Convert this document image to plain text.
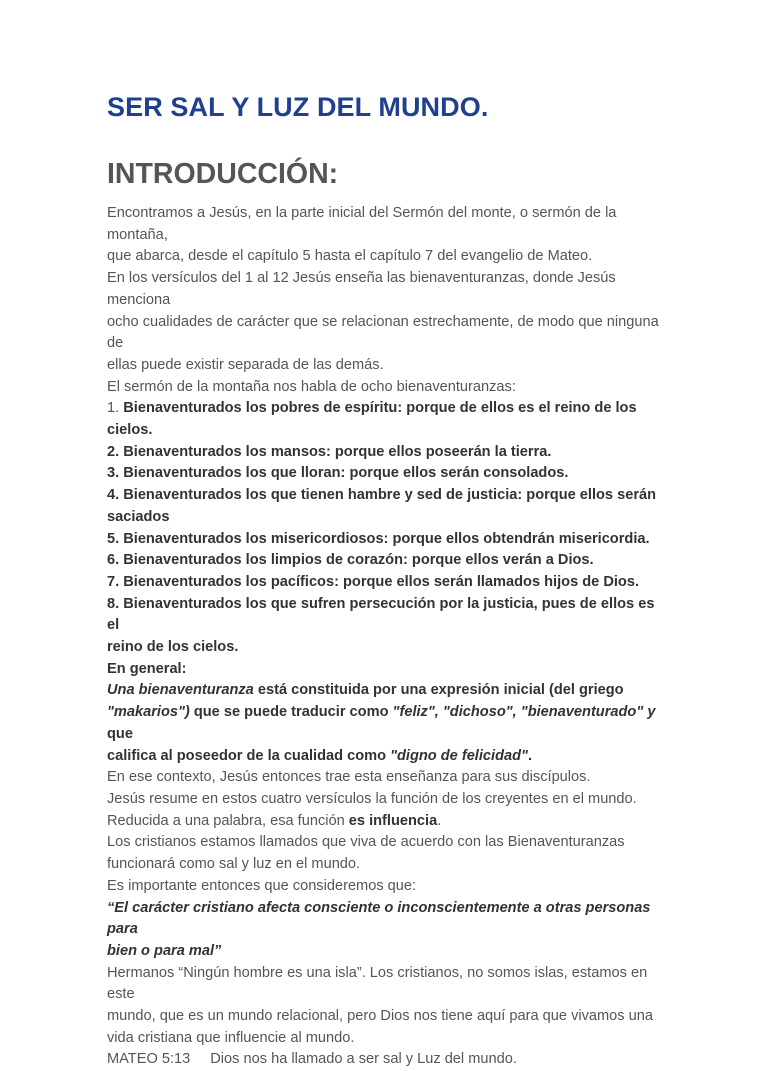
SER SAL Y LUZ DEL MUNDO.
INTRODUCCIÓN:

Encontramos a Jesús, en la parte inicial del Sermón del monte, o sermón de la montaña,

que abarca, desde el capítulo 5 hasta el capítulo 7 del evangelio de Mateo.

En los versículos del 1 al 12 Jesús enseña las bienaventuranzas, donde Jesús menciona

ocho cualidades de carácter que se relacionan estrechamente, de modo que ninguna de

ellas puede existir separada de las demás.

El sermón de la montaña nos habla de ocho bienaventuranzas:

1. Bienaventurados los pobres de espíritu: porque de ellos es el reino de los cielos.

2. Bienaventurados los mansos: porque ellos poseerán la tierra.

3. Bienaventurados los que lloran: porque ellos serán consolados.

4. Bienaventurados los que tienen hambre y sed de justicia: porque ellos serán

saciados

5. Bienaventurados los misericordiosos: porque ellos obtendrán misericordia.

6. Bienaventurados los limpios de corazón: porque ellos verán a Dios.

7. Bienaventurados los pacíficos: porque ellos serán llamados hijos de Dios.

8. Bienaventurados los que sufren persecución por la justicia, pues de ellos es el

reino de los cielos.

En general:

Una bienaventuranza está constituida por una expresión inicial (del griego

"makarios") que se puede traducir como "feliz", "dichoso", "bienaventurado" y que

califica al poseedor de la cualidad como "digno de felicidad".

En ese contexto, Jesús entonces trae esta enseñanza para sus discípulos.

Jesús resume en estos cuatro versículos la función de los creyentes en el mundo.

Reducida a una palabra, esa función es influencia.

Los cristianos estamos llamados que viva de acuerdo con las Bienaventuranzas

funcionará como sal y luz en el mundo.

Es importante entonces que consideremos que:

“El carácter cristiano afecta consciente o inconscientemente a otras personas para

bien o para mal”

Hermanos “Ningún hombre es una isla”. Los cristianos, no somos islas, estamos en este

mundo, que es un mundo relacional, pero Dios nos tiene aquí para que vivamos una

vida cristiana que influencie al mundo.

MATEO 5:13 Dios nos ha llamado a ser sal y Luz del mundo.
